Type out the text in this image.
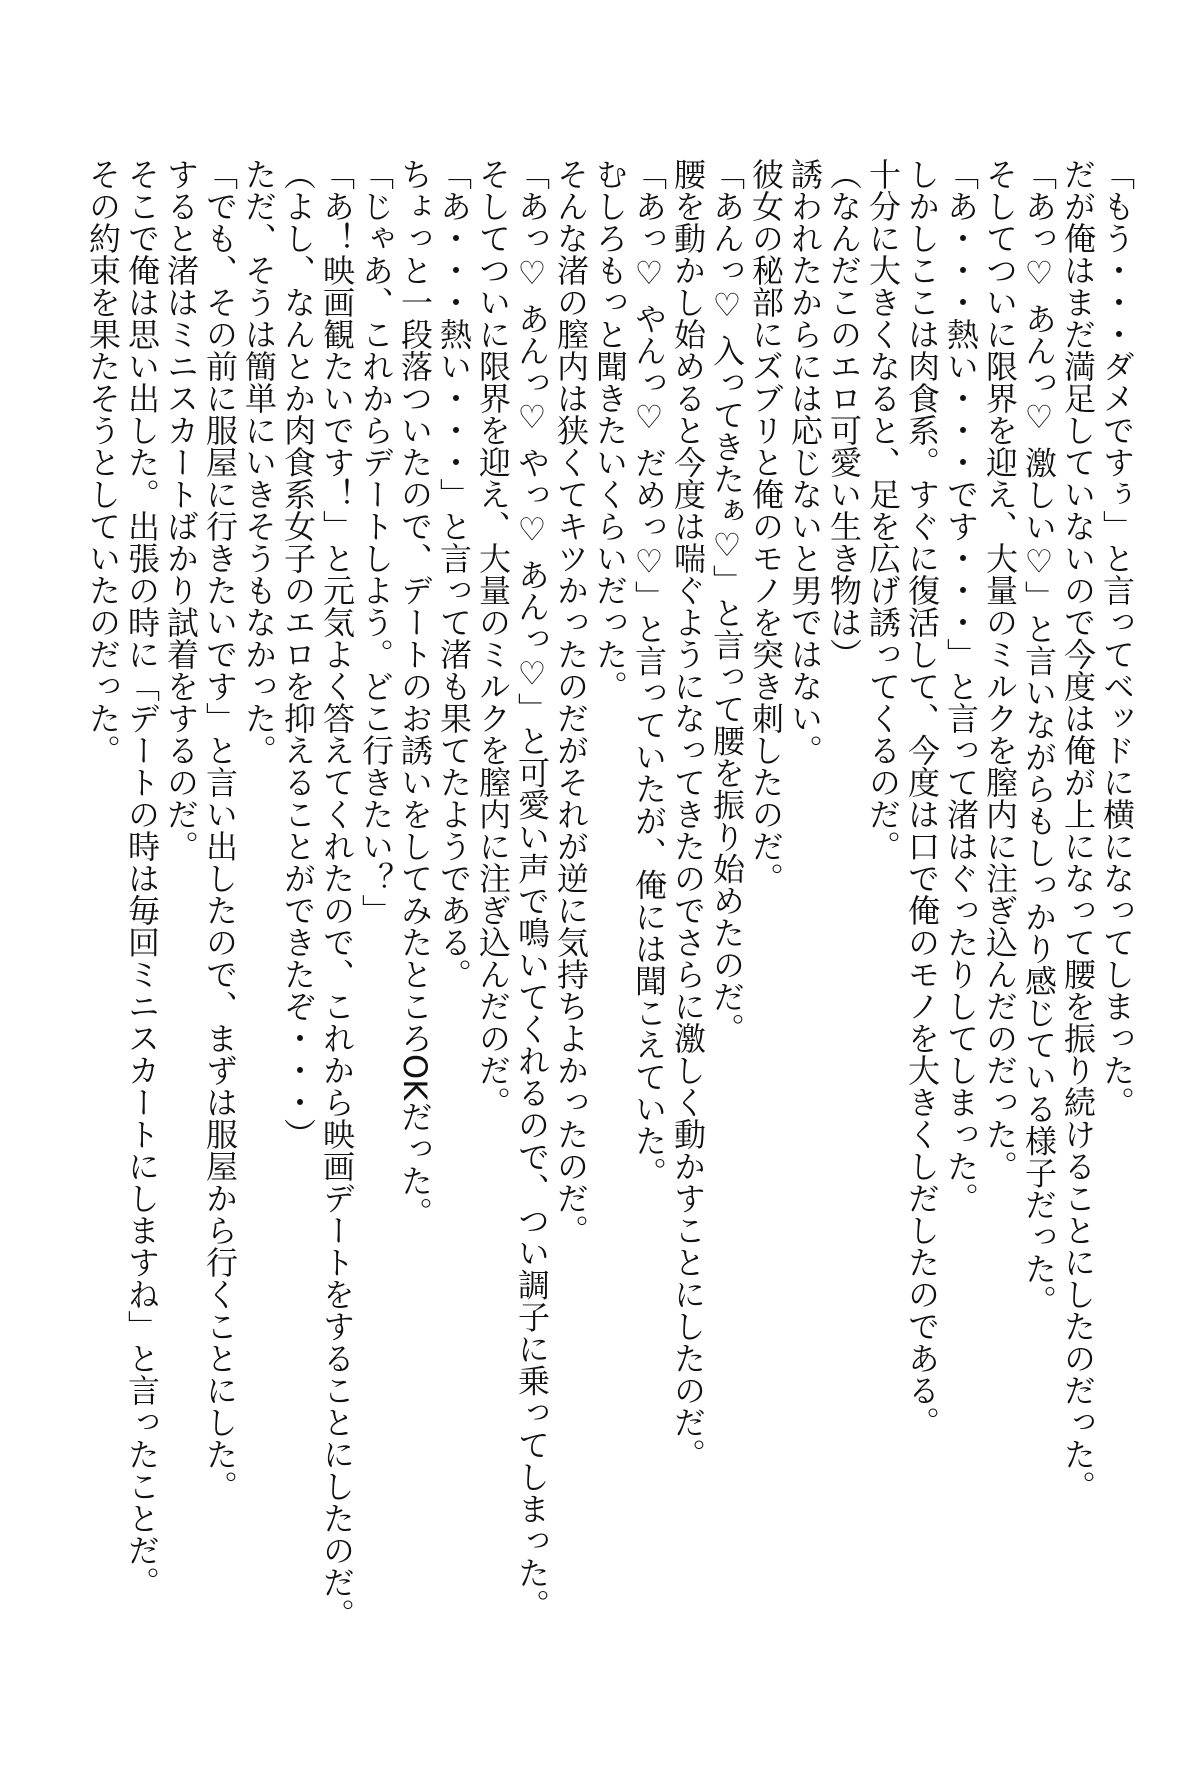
「もう・・・ダメですぅ」と言ってベッドに横になってしまった。
だが俺はまだ満足していないので今度は俺が上になって腰を振り続けることにしたのだった。
「あっ♡ あんっ♡ 激しい♡」と言いながらもしっかり感じている様子だった。
そしてついに限界を迎え、大量のミルクを膣内に注ぎ込んだのだった。
「あ・・・熱い・・・です・・・」と言って渚はぐったりしてしまった。
しかしここは肉食系。すぐに復活して、今度は口で俺のモノを大きくしだしたのである。
十分に大きくなると、足を広げ誘ってくるのだ。
（なんだこのエロ可愛い生き物は）
誘われたからには応じないと男ではない。
彼女の秘部にズブリと俺のモノを突き刺したのだ。
「あんっ♡ 入ってきたぁ♡」と言って腰を振り始めたのだ。
腰を動かし始めると今度は喘ぐようになってきたのでさらに激しく動かすことにしたのだ。
「あっ♡ やんっ♡ だめっ♡」と言っていたが、俺には聞こえていた。
むしろもっと聞きたいくらいだった。
そんな渚の膣内は狭くてキツかったのだがそれが逆に気持ちよかったのだ。
「あっ♡ あんっ♡ やっ♡ あんっ♡」と可愛い声で鳴いてくれるので、つい調子に乗ってしまった。
そしてついに限界を迎え、大量のミルクを膣内に注ぎ込んだのだ。
「あ・・・熱い・・・」と言って渚も果てたようである。
ちょっと一段落ついたので、デートのお誘いをしてみたところOKだった。
「じゃあ、これからデートしよう。どこ行きたい？」
「あ！映画観たいです！」と元気よく答えてくれたので、これから映画デートをすることにしたのだ。
（よし、なんとか肉食系女子のエロを抑えることができたぞ・・・）
ただ、そうは簡単にいきそうもなかった。
「でも、その前に服屋に行きたいです」と言い出したので、まずは服屋から行くことにした。
すると渚はミニスカートばかり試着をするのだ。
そこで俺は思い出した。出張の時に「デートの時は毎回ミニスカートにしますね」と言ったことだ。
その約束を果たそうとしていたのだった。
